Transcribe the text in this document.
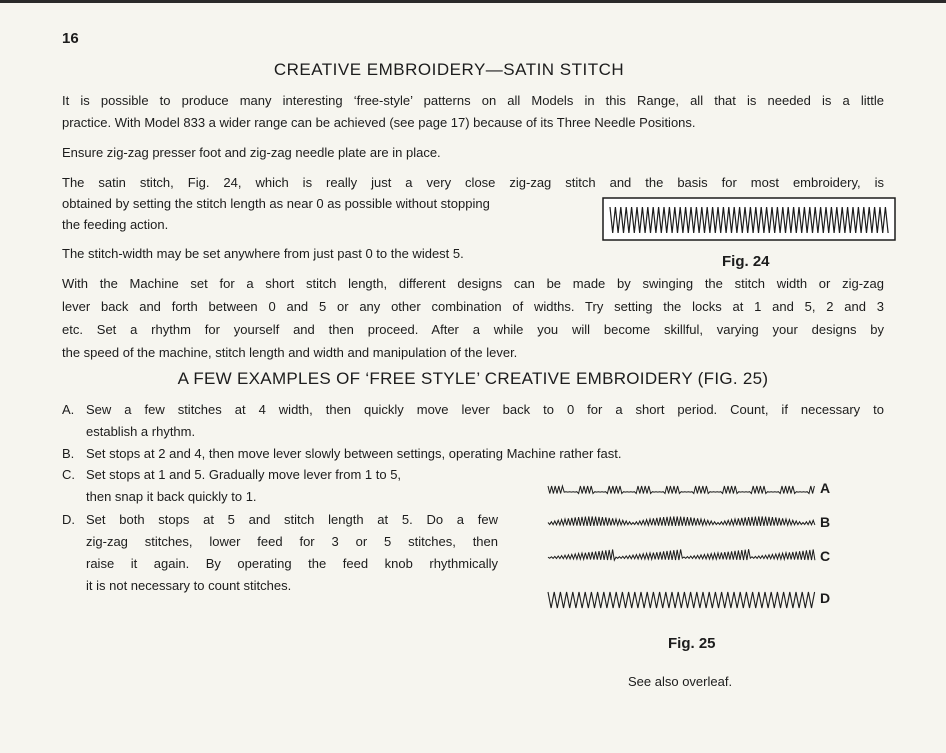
16
CREATIVE EMBROIDERY—SATIN STITCH
It is possible to produce many interesting ‘free-style’ patterns on all Models in this Range, all that is needed is a little
practice. With Model 833 a wider range can be achieved (see page 17) because of its Three Needle Positions.
Ensure zig-zag presser foot and zig-zag needle plate are in place.
The satin stitch, Fig. 24, which is really just a very close zig-zag stitch and the basis for most embroidery, is
obtained by setting the stitch length as near 0 as possible without stopping
the feeding action.
The stitch-width may be set anywhere from just past 0 to the widest 5.	Fig. 24
With the Machine set for a short stitch length, different designs can be made by swinging the stitch width or zig-zag
lever back and forth between 0 and 5 or any other combination of widths. Try setting the locks at 1 and 5, 2 and 3
etc. Set a rhythm for yourself and then proceed. After a while you will become skillful, varying your designs by
the speed of the machine, stitch length and width and manipulation of the lever.
A FEW EXAMPLES OF ‘FREE STYLE’ CREATIVE EMBROIDERY (FIG. 25)
A. Sew a few stitches at 4 width, then quickly move lever back to 0 for a short period. Count, if necessary to
establish a rhythm.
B. Set stops at 2 and 4, then move lever slowly between settings, operating Machine rather fast.
C. Set stops at 1 and 5. Gradually move lever from 1 to 5,
then snap it back quickly to 1.
D. Set both stops at 5 and stitch length at 5. Do a few
zig-zag stitches, lower feed for 3 or 5 stitches, then
raise it again. By operating the feed knob rhythmically
it is not necessary to count stitches.
A
B
C
D
Fig. 25
See also overleaf.
